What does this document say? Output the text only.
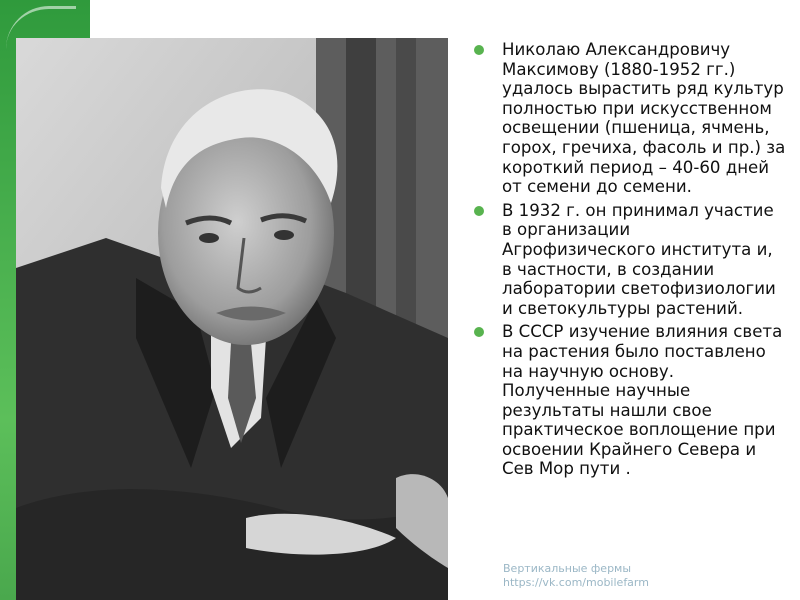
Николаю Александровичу Максимову (1880-1952 гг.) удалось вырастить ряд культур полностью при искусственном освещении (пшеница, ячмень, горох, гречиха, фасоль и пр.) за короткий период – 40-60 дней от семени до семени.
В 1932 г. он принимал участие в организации Агрофизического института и, в частности, в создании лаборатории светофизиологии и светокультуры растений.
В СССР изучение влияния света на растения было поставлено на научную основу. Полученные научные результаты нашли свое практическое воплощение при освоении Крайнего Севера и Сев Мор пути .
Вертикальные фермы
https://vk.com/mobilefarm
